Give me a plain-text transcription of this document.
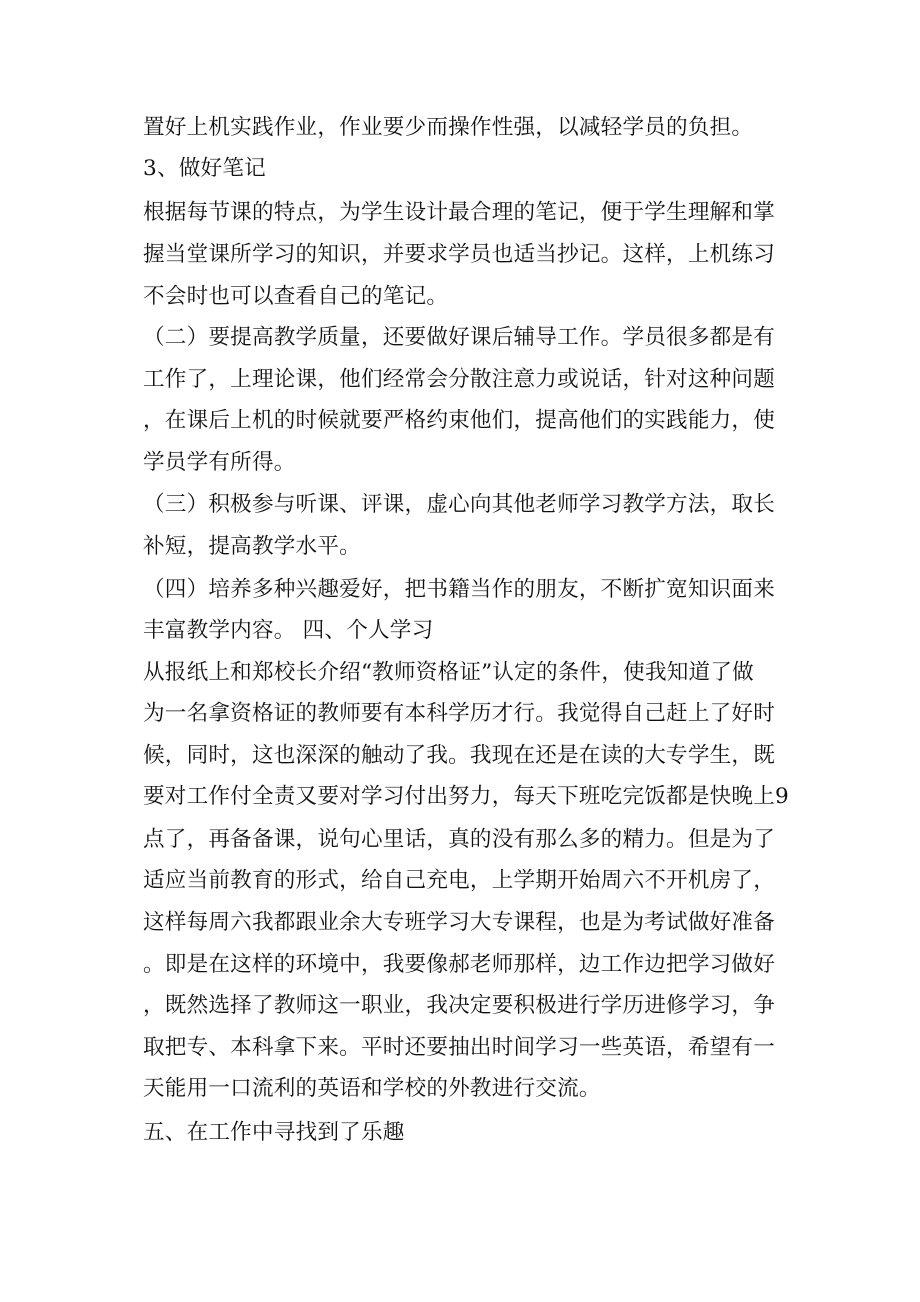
置好上机实践作业，作业要少而操作性强，以减轻学员的负担。
3、做好笔记
根据每节课的特点，为学生设计最合理的笔记，便于学生理解和掌
握当堂课所学习的知识，并要求学员也适当抄记。这样，上机练习
不会时也可以查看自己的笔记。
（二）要提高教学质量，还要做好课后辅导工作。学员很多都是有
工作了，上理论课，他们经常会分散注意力或说话，针对这种问题
，在课后上机的时候就要严格约束他们，提高他们的实践能力，使
学员学有所得。
（三）积极参与听课、评课，虚心向其他老师学习教学方法，取长
补短，提高教学水平。
（四）培养多种兴趣爱好，把书籍当作的朋友，不断扩宽知识面来
丰富教学内容。 四、个人学习
从报纸上和郑校长介绍“教师资格证”认定的条件，使我知道了做
为一名拿资格证的教师要有本科学历才行。我觉得自己赶上了好时
候，同时，这也深深的触动了我。我现在还是在读的大专学生，既
要对工作付全责又要对学习付出努力，每天下班吃完饭都是快晚上9
点了，再备备课，说句心里话，真的没有那么多的精力。但是为了
适应当前教育的形式，给自己充电，上学期开始周六不开机房了，
这样每周六我都跟业余大专班学习大专课程，也是为考试做好准备
。即是在这样的环境中，我要像郝老师那样，边工作边把学习做好
，既然选择了教师这一职业，我决定要积极进行学历进修学习，争
取把专、本科拿下来。平时还要抽出时间学习一些英语，希望有一
天能用一口流利的英语和学校的外教进行交流。
五、在工作中寻找到了乐趣
